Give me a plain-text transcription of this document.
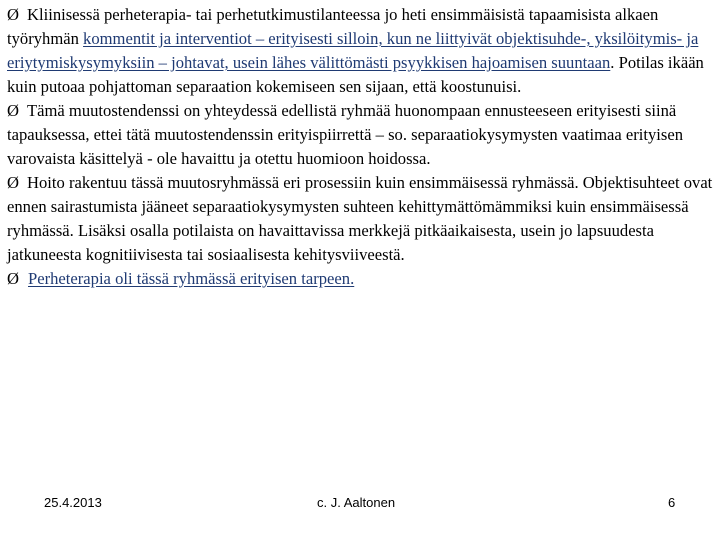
Ø Kliinisessä perheterapia- tai perhetutkimustilanteessa jo heti ensimmäisistä tapaamisista alkaen työryhmän kommentit ja interventiot – erityisesti silloin, kun ne liittyivät objektisuhde-, yksilöitymis- ja eriytymiskysymyksiin – johtavat, usein lähes välittömästi psyykkisen hajoamisen suuntaan. Potilas ikään kuin putoaa pohjattoman separaation kokemiseen sen sijaan, että koostunuisi.

Ø Tämä muutostendenssi on yhteydessä edellistä ryhmää huonompaan ennusteeseen erityisesti siinä tapauksessa, ettei tätä muutostendenssin erityispiirrettä – so. separaatiokysymysten vaatimaa erityisen varovaista käsittelyä - ole havaittu ja otettu huomioon hoidossa.

Ø Hoito rakentuu tässä muutosryhmässä eri prosessiin kuin ensimmäisessä ryhmässä. Objektisuhteet ovat ennen sairastumista jääneet separaatiokysymysten suhteen kehittymättömämmiksi kuin ensimmäisessä ryhmässä. Lisäksi osalla potilaista on havaittavissa merkkejä pitkäaikaisesta, usein jo lapsuudesta jatkuneesta kognitiivisesta tai sosiaalisesta kehitysviiveestä.

Ø Perheterapia oli tässä ryhmässä erityisen tarpeen.

25.4.2013	c. J. Aaltonen	6
